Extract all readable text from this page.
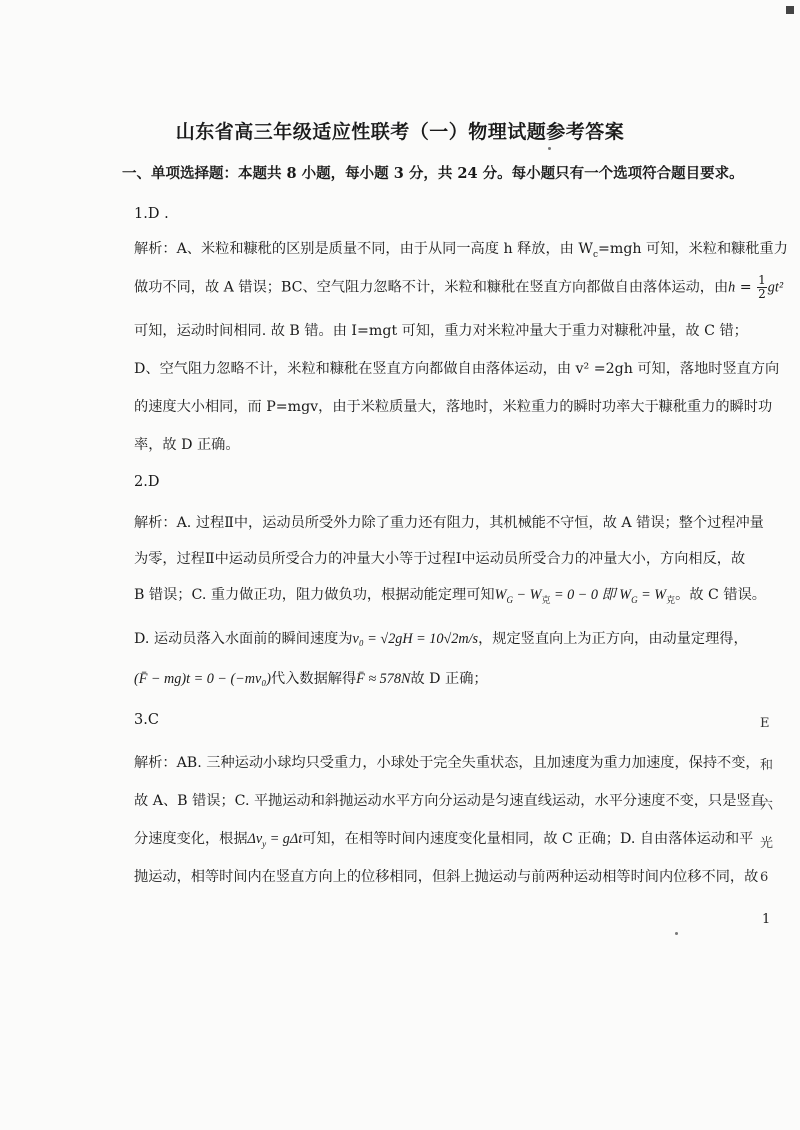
山东省高三年级适应性联考（一）物理试题参考答案
一、单项选择题：本题共 8 小题，每小题 3 分，共 24 分。每小题只有一个选项符合题目要求。
1.D .
解析：A、米粒和糠秕的区别是质量不同，由于从同一高度 h 释放，由 $W_c=mgh$ 可知，米粒和糠秕重力
做功不同，故 A 错误；BC、空气阻力忽略不计，米粒和糠秕在竖直方向都做自由落体运动，由$h = \frac{1}{2} gt^2$
可知，运动时间相同. 故 B 错。由 I=mgt 可知，重力对米粒冲量大于重力对糠秕冲量，故 C 错；
D、空气阻力忽略不计，米粒和糠秕在竖直方向都做自由落体运动，由 v² =2gh 可知，落地时竖直方向
的速度大小相同，而 P=mgv，由于米粒质量大，落地时，米粒重力的瞬时功率大于糠秕重力的瞬时功
率，故 D 正确。
2.D
解析：A. 过程Ⅱ中，运动员所受外力除了重力还有阻力，其机械能不守恒，故 A 错误；整个过程冲量
为零，过程Ⅱ中运动员所受合力的冲量大小等于过程Ⅰ中运动员所受合力的冲量大小，方向相反，故
B 错误；C. 重力做正功，阻力做负功，根据动能定理可知$W_G - W_克 = 0 - 0$ 即 $W_G = W_克$。故 C 错误。
D. 运动员落入水面前的瞬间速度为v₀ = √2gH = 10√2m/s，规定竖直向上为正方向，由动量定理得，
(F̄ − mg)t = 0 − (−mv₀)代入数据解得F̄ ≈ 578N故 D 正确；
3.C
解析：AB. 三种运动小球均只受重力，小球处于完全失重状态，且加速度为重力加速度，保持不变，
故 A、B 错误；C. 平抛运动和斜抛运动水平方向分运动是匀速直线运动，水平分速度不变，只是竖直
分速度变化，根据$\Delta v_y = g\Delta t$可知，在相等时间内速度变化量相同，故 C 正确；D. 自由落体运动和平
抛运动，相等时间内在竖直方向上的位移相同，但斜上抛运动与前两种运动相等时间内位移不同，故
E
和
六
光
6
1
